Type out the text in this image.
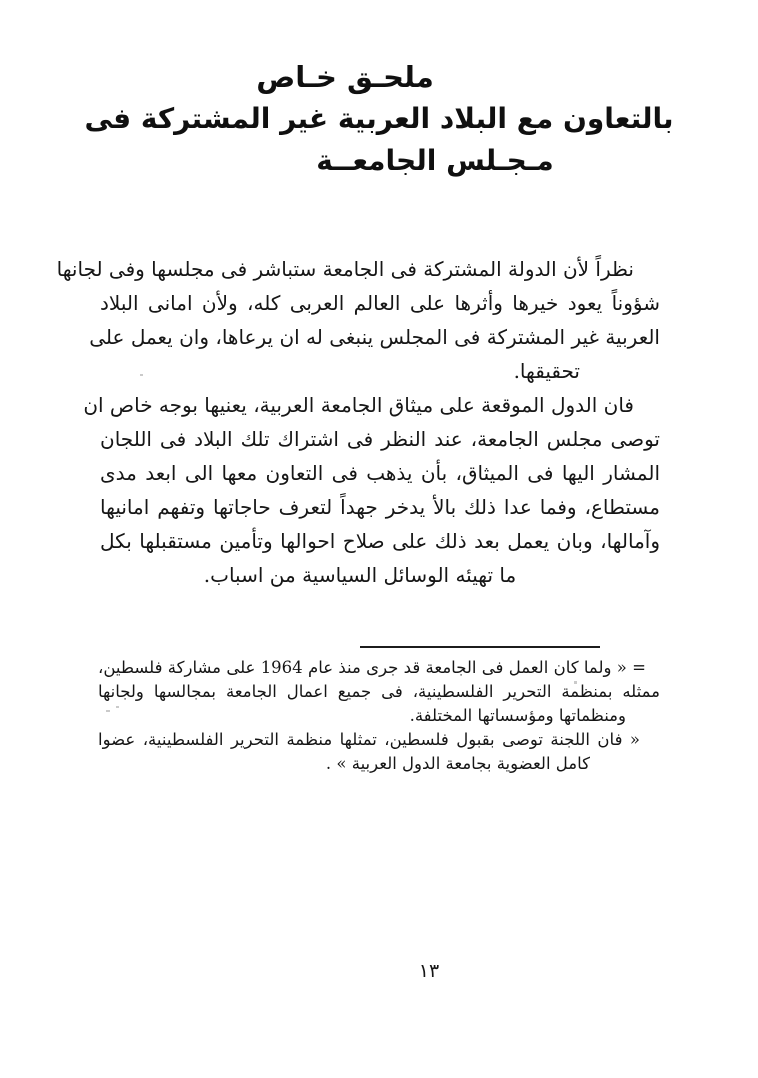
ملحـق خـاص
بالتعاون مع البلاد العربية غير المشتركة فى
مـجـلس الجامعــة
نظراً لأن الدولة المشتركة فى الجامعة ستباشر فى مجلسها وفى لجانها
شؤوناً يعود خيرها وأثرها على العالم العربى كله، ولأن امانى البلاد
العربية غير المشتركة فى المجلس ينبغى له ان يرعاها، وان يعمل على
تحقيقها.
فان الدول الموقعة على ميثاق الجامعة العربية، يعنيها بوجه خاص ان
توصى مجلس الجامعة، عند النظر فى اشتراك تلك البلاد فى اللجان
المشار اليها فى الميثاق، بأن يذهب فى التعاون معها الى ابعد مدى
مستطاع، وفما عدا ذلك بالأ يدخر جهداً لتعرف حاجاتها وتفهم امانيها
وآمالها، وبان يعمل بعد ذلك على صلاح احوالها وتأمين مستقبلها بكل
ما تهيئه الوسائل السياسية من اسباب.
= « ولما كان العمل فى الجامعة قد جرى منذ عام 1964 على مشاركة فلسطين،
ممثله بمنظمة التحرير الفلسطينية، فى جميع اعمال الجامعة بمجالسها ولجانها
ومنظماتها ومؤسساتها المختلفة.
« فان اللجنة توصى بقبول فلسطين، تمثلها منظمة التحرير الفلسطينية، عضوا
كامل العضوية بجامعة الدول العربية » .
١٣
